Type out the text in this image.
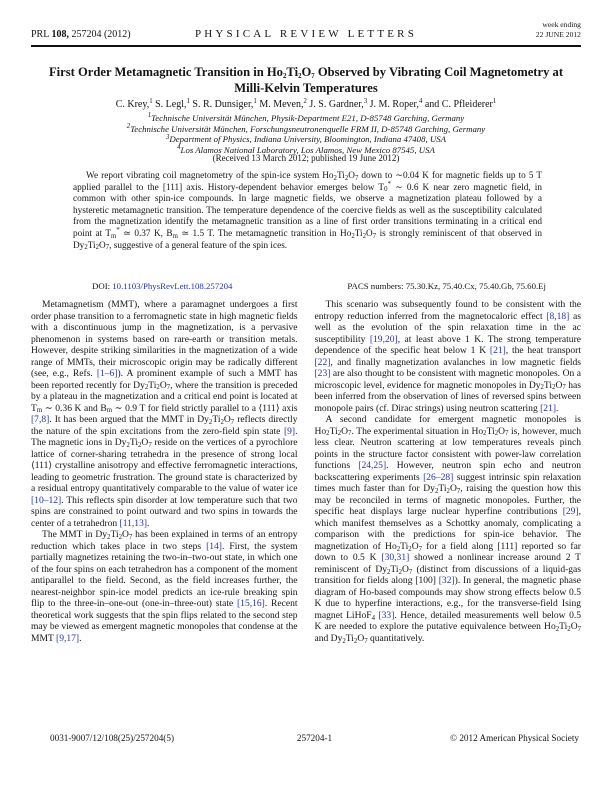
PRL 108, 257204 (2012)	PHYSICAL REVIEW LETTERS
week ending
22 JUNE 2012
First Order Metamagnetic Transition in $Ho_2Ti_2O_7$ Observed by Vibrating Coil Magnetometry at Milli-Kelvin Temperatures
C. Krey,$^1$ S. Legl,$^1$ S. R. Dunsiger,$^1$ M. Meven,$^2$ J. S. Gardner,$^3$ J. M. Roper,$^4$ and C. Pfleiderer$^1$
$^1$Technische Universität München, Physik-Department E21, D-85748 Garching, Germany
$^2$Technische Universität München, Forschungsneutronenquelle FRM II, D-85748 Garching, Germany
$^3$Department of Physics, Indiana University, Bloomington, Indiana 47408, USA
$^4$Los Alamos National Laboratory, Los Alamos, New Mexico 87545, USA
(Received 13 March 2012; published 19 June 2012)
We report vibrating coil magnetometry of the spin-ice system $Ho_2Ti_2O_7$ down to ∼0.04 K for magnetic fields up to 5 T applied parallel to the [111] axis. History-dependent behavior emerges below $T_0^*$ ∼ 0.6 K near zero magnetic field, in common with other spin-ice compounds. In large magnetic fields, we observe a magnetization plateau followed by a hysteretic metamagnetic transition. The temperature dependence of the coercive fields as well as the susceptibility calculated from the magnetization identify the metamagnetic transition as a line of first order transitions terminating in a critical end point at $T_m^*$ ≃ 0.37 K, $B_m$ ≃ 1.5 T. The metamagnetic transition in $Ho_2Ti_2O_7$ is strongly reminiscent of that observed in $Dy_2Ti_2O_7$, suggestive of a general feature of the spin ices.
DOI: 10.1103/PhysRevLett.108.257204	PACS numbers: 75.30.Kz, 75.40.Cx, 75.40.Gb, 75.60.Ej

Metamagnetism (MMT), where a paramagnet undergoes a first order phase transition to a ferromagnetic state in high magnetic fields with a discontinuous jump in the magnetization, is a pervasive phenomenon in systems based on rare-earth or transition metals. However, despite striking similarities in the magnetization of a wide range of MMTs, their microscopic origin may be radically different (see, e.g., Refs. [1–6]). A prominent example of such a MMT has been reported recently for $Dy_2Ti_2O_7$, where the transition is preceded by a plateau in the magnetization and a critical end point is located at $T_m$ ∼ 0.36 K and $B_m$ ∼ 0.9 T for field strictly parallel to a ⟨111⟩ axis [7,8]. It has been argued that the MMT in $Dy_2Ti_2O_7$ reflects directly the nature of the spin excitations from the zero-field spin state [9]. The magnetic ions in $Dy_2Ti_2O_7$ reside on the vertices of a pyrochlore lattice of corner-sharing tetrahedra in the presence of strong local ⟨111⟩ crystalline anisotropy and effective ferromagnetic interactions, leading to geometric frustration. The ground state is characterized by a residual entropy quantitatively comparable to the value of water ice [10–12]. This reflects spin disorder at low temperature such that two spins are constrained to point outward and two spins in towards the center of a tetrahedron [11,13].

The MMT in $Dy_2Ti_2O_7$ has been explained in terms of an entropy reduction which takes place in two steps [14]. First, the system partially magnetizes retaining the two-in–two-out state, in which one of the four spins on each tetrahedron has a component of the moment antiparallel to the field. Second, as the field increases further, the nearest-neighbor spin-ice model predicts an ice-rule breaking spin flip to the three-in–one-out (one-in–three-out) state [15,16]. Recent theoretical work suggests that the spin flips related to the second step may be viewed as emergent magnetic monopoles that condense at the MMT [9,17].

This scenario was subsequently found to be consistent with the entropy reduction inferred from the magnetocaloric effect [8,18] as well as the evolution of the spin relaxation time in the ac susceptibility [19,20], at least above 1 K. The strong temperature dependence of the specific heat below 1 K [21], the heat transport [22], and finally magnetization avalanches in low magnetic fields [23] are also thought to be consistent with magnetic monopoles. On a microscopic level, evidence for magnetic monopoles in $Dy_2Ti_2O_7$ has been inferred from the observation of lines of reversed spins between monopole pairs (cf. Dirac strings) using neutron scattering [21].

A second candidate for emergent magnetic monopoles is $Ho_2Ti_2O_7$. The experimental situation in $Ho_2Ti_2O_7$ is, however, much less clear. Neutron scattering at low temperatures reveals pinch points in the structure factor consistent with power-law correlation functions [24,25]. However, neutron spin echo and neutron backscattering experiments [26–28] suggest intrinsic spin relaxation times much faster than for $Dy_2Ti_2O_7$, raising the question how this may be reconciled in terms of magnetic monopoles. Further, the specific heat displays large nuclear hyperfine contributions [29], which manifest themselves as a Schottky anomaly, complicating a comparison with the predictions for spin-ice behavior. The magnetization of $Ho_2Ti_2O_7$ for a field along [111] reported so far down to 0.5 K [30,31] showed a nonlinear increase around 2 T reminiscent of $Dy_2Ti_2O_7$ (distinct from discussions of a liquid-gas transition for fields along [100] [32]). In general, the magnetic phase diagram of Ho-based compounds may show strong effects below 0.5 K due to hyperfine interactions, e.g., for the transverse-field Ising magnet LiHoF$_4$ [33]. Hence, detailed measurements well below 0.5 K are needed to explore the putative equivalence between $Ho_2Ti_2O_7$ and $Dy_2Ti_2O_7$ quantitatively.

0031-9007/12/108(25)/257204(5)	257204-1	© 2012 American Physical Society
